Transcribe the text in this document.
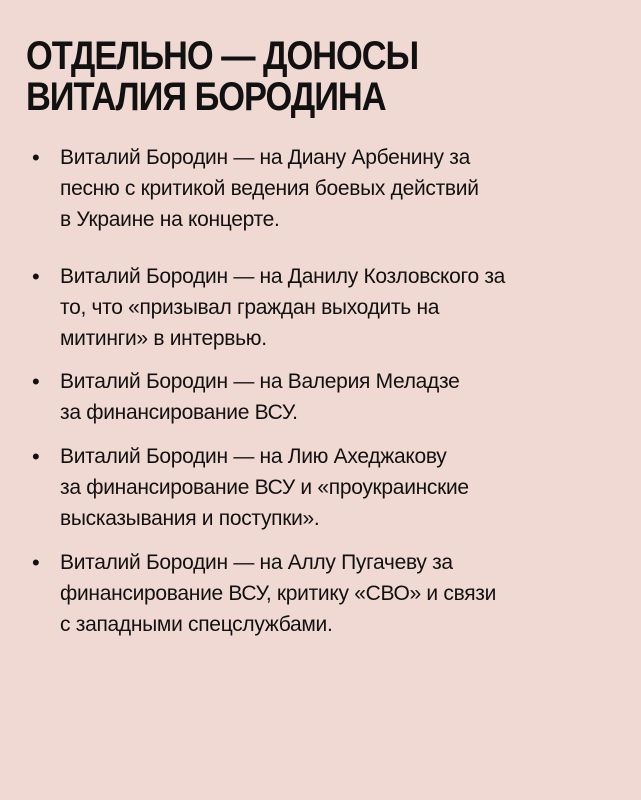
ОТДЕЛЬНО — ДОНОСЫ ВИТАЛИЯ БОРОДИНА
• Виталий Бородин — на Диану Арбенину за
песню с критикой ведения боевых действий
в Украине на концерте.
• Виталий Бородин — на Данилу Козловского за
то, что «призывал граждан выходить на
митинги» в интервью.
• Виталий Бородин — на Валерия Меладзе
за финансирование ВСУ.
• Виталий Бородин — на Лию Ахеджакову
за финансирование ВСУ и «проукраинские
высказывания и поступки».
• Виталий Бородин — на Аллу Пугачеву за
финансирование ВСУ, критику «СВО» и связи
с западными спецслужбами.
